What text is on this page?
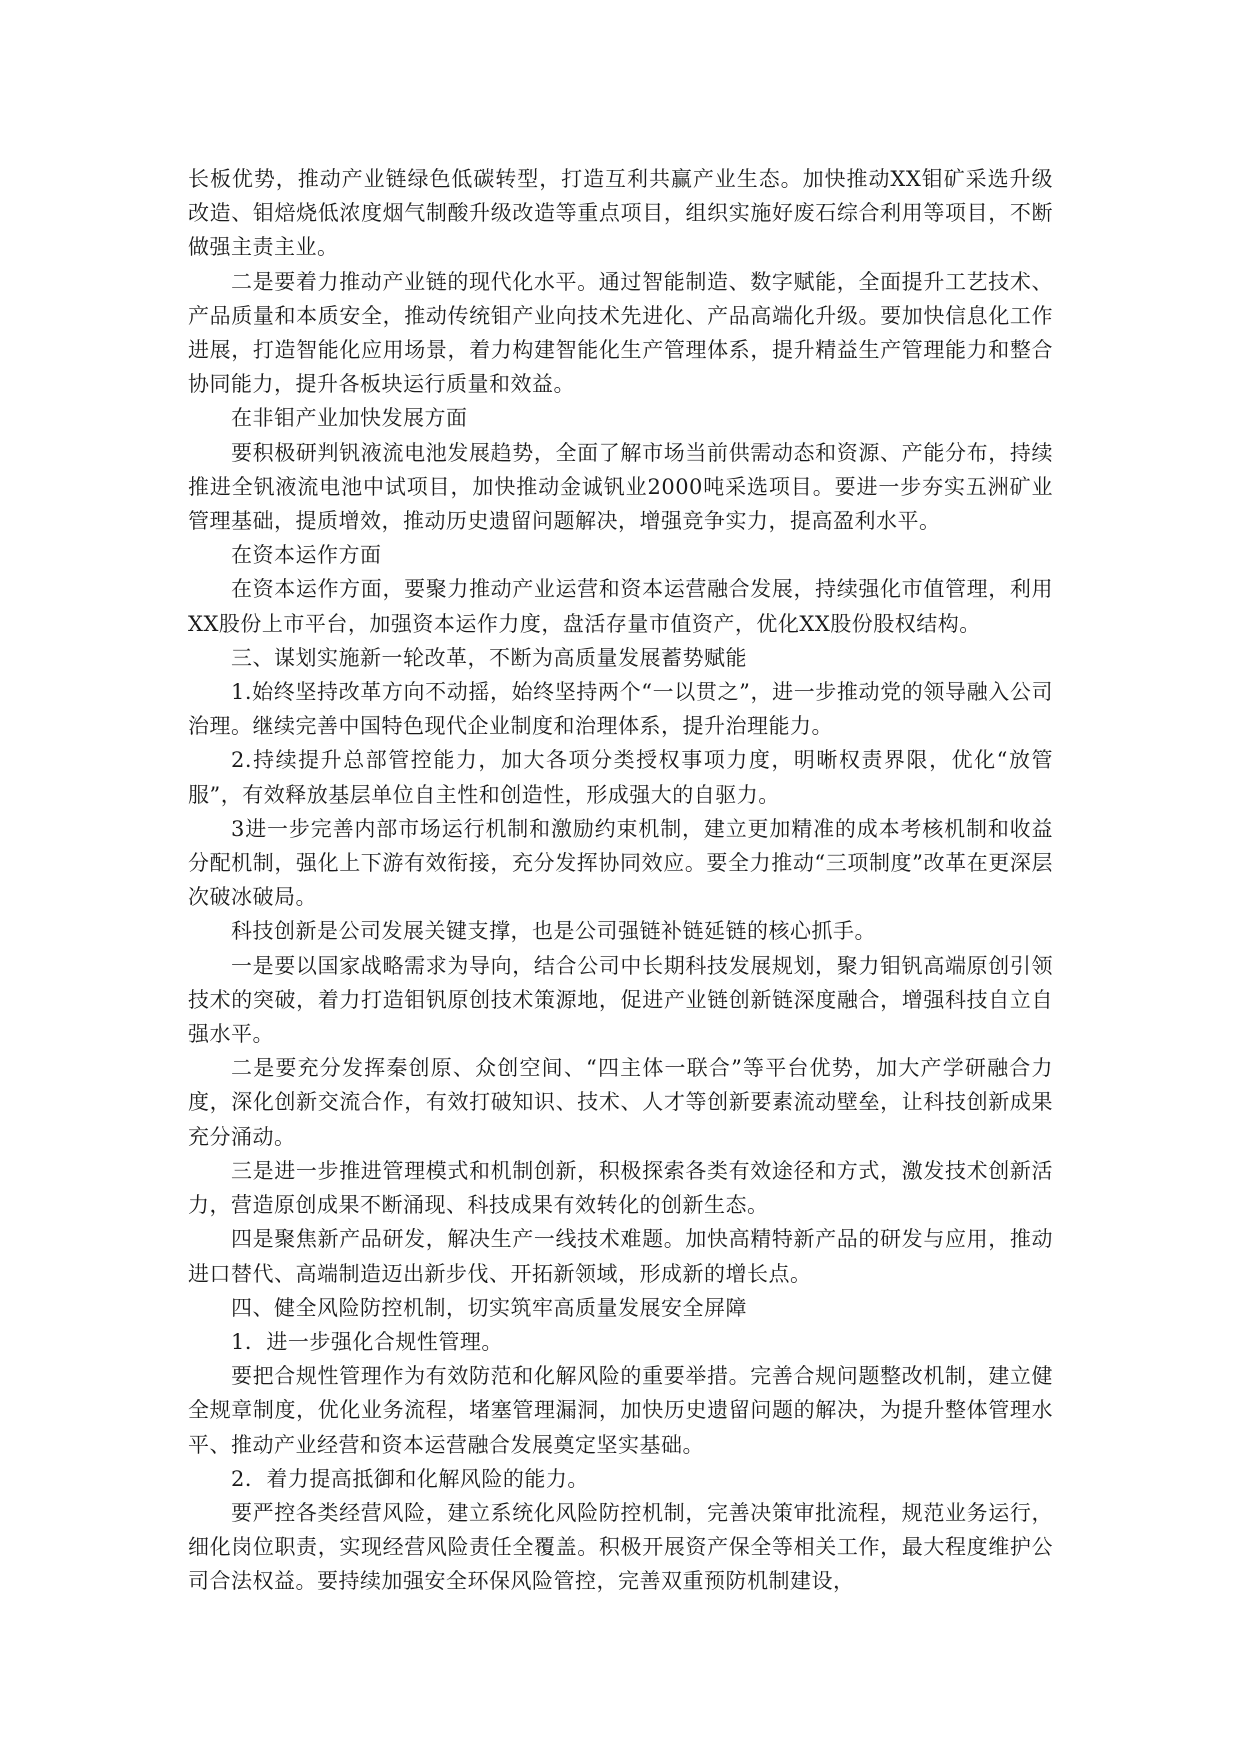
长板优势，推动产业链绿色低碳转型，打造互利共赢产业生态。加快推动XX钼矿采选升级改造、钼焙烧低浓度烟气制酸升级改造等重点项目，组织实施好废石综合利用等项目，不断做强主责主业。

二是要着力推动产业链的现代化水平。通过智能制造、数字赋能，全面提升工艺技术、产品质量和本质安全，推动传统钼产业向技术先进化、产品高端化升级。要加快信息化工作进展，打造智能化应用场景，着力构建智能化生产管理体系，提升精益生产管理能力和整合协同能力，提升各板块运行质量和效益。

在非钼产业加快发展方面

要积极研判钒液流电池发展趋势，全面了解市场当前供需动态和资源、产能分布，持续推进全钒液流电池中试项目，加快推动金诚钒业2000吨采选项目。要进一步夯实五洲矿业管理基础，提质增效，推动历史遗留问题解决，增强竞争实力，提高盈利水平。

在资本运作方面

在资本运作方面，要聚力推动产业运营和资本运营融合发展，持续强化市值管理，利用XX股份上市平台，加强资本运作力度，盘活存量市值资产，优化XX股份股权结构。

三、谋划实施新一轮改革，不断为高质量发展蓄势赋能

1.始终坚持改革方向不动摇，始终坚持两个“一以贯之”，进一步推动党的领导融入公司治理。继续完善中国特色现代企业制度和治理体系，提升治理能力。

2.持续提升总部管控能力，加大各项分类授权事项力度，明晰权责界限，优化“放管服”，有效释放基层单位自主性和创造性，形成强大的自驱力。

3进一步完善内部市场运行机制和激励约束机制，建立更加精准的成本考核机制和收益分配机制，强化上下游有效衔接，充分发挥协同效应。要全力推动“三项制度”改革在更深层次破冰破局。

科技创新是公司发展关键支撑，也是公司强链补链延链的核心抓手。

一是要以国家战略需求为导向，结合公司中长期科技发展规划，聚力钼钒高端原创引领技术的突破，着力打造钼钒原创技术策源地，促进产业链创新链深度融合，增强科技自立自强水平。

二是要充分发挥秦创原、众创空间、“四主体一联合”等平台优势，加大产学研融合力度，深化创新交流合作，有效打破知识、技术、人才等创新要素流动壁垒，让科技创新成果充分涌动。

三是进一步推进管理模式和机制创新，积极探索各类有效途径和方式，激发技术创新活力，营造原创成果不断涌现、科技成果有效转化的创新生态。

四是聚焦新产品研发，解决生产一线技术难题。加快高精特新产品的研发与应用，推动进口替代、高端制造迈出新步伐、开拓新领域，形成新的增长点。

四、健全风险防控机制，切实筑牢高质量发展安全屏障

1．进一步强化合规性管理。

要把合规性管理作为有效防范和化解风险的重要举措。完善合规问题整改机制，建立健全规章制度，优化业务流程，堵塞管理漏洞，加快历史遗留问题的解决，为提升整体管理水平、推动产业经营和资本运营融合发展奠定坚实基础。

2．着力提高抵御和化解风险的能力。

要严控各类经营风险，建立系统化风险防控机制，完善决策审批流程，规范业务运行，细化岗位职责，实现经营风险责任全覆盖。积极开展资产保全等相关工作，最大程度维护公司合法权益。要持续加强安全环保风险管控，完善双重预防机制建设，
